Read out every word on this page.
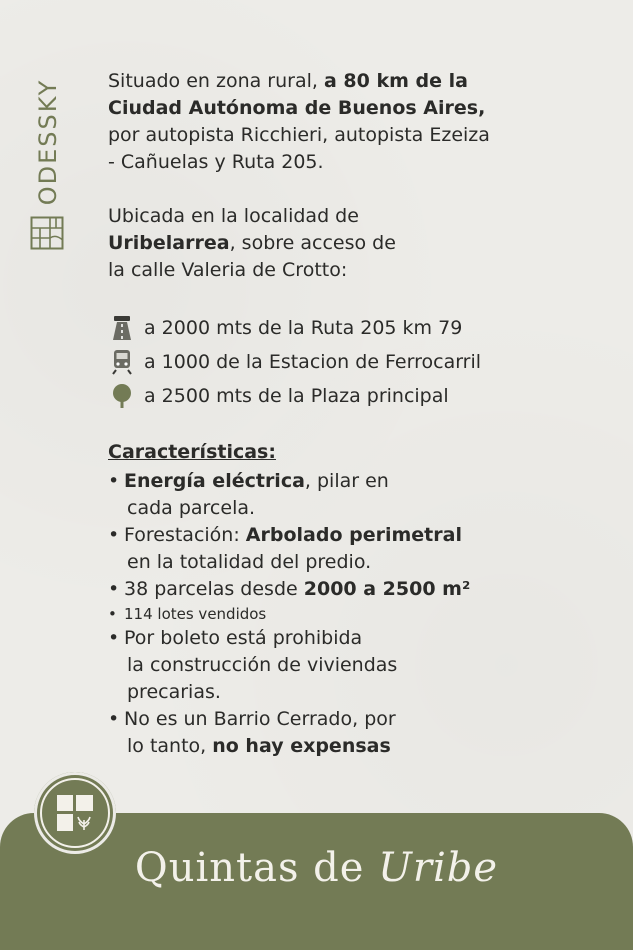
ODESSKY Situado en zona rural, a 80 km de la
Ciudad Autónoma de Buenos Aires,
por autopista Ricchieri, autopista Ezeiza
- Cañuelas y Ruta 205.

Ubicada en la localidad de
Uribelarrea, sobre acceso de
la calle Valeria de Crotto:

a 2000 mts de la Ruta 205 km 79
a 1000 de la Estacion de Ferrocarril
a 2500 mts de la Plaza principal
Características:
• Energía eléctrica, pilar en
cada parcela.
• Forestación: Arbolado perimetral
en la totalidad del predio.
• 38 parcelas desde 2000 a 2500 m²
• 114 lotes vendidos
• Por boleto está prohibida
la construcción de viviendas
precarias.
• No es un Barrio Cerrado, por
lo tanto, no hay expensas
Quintas de Uribe
